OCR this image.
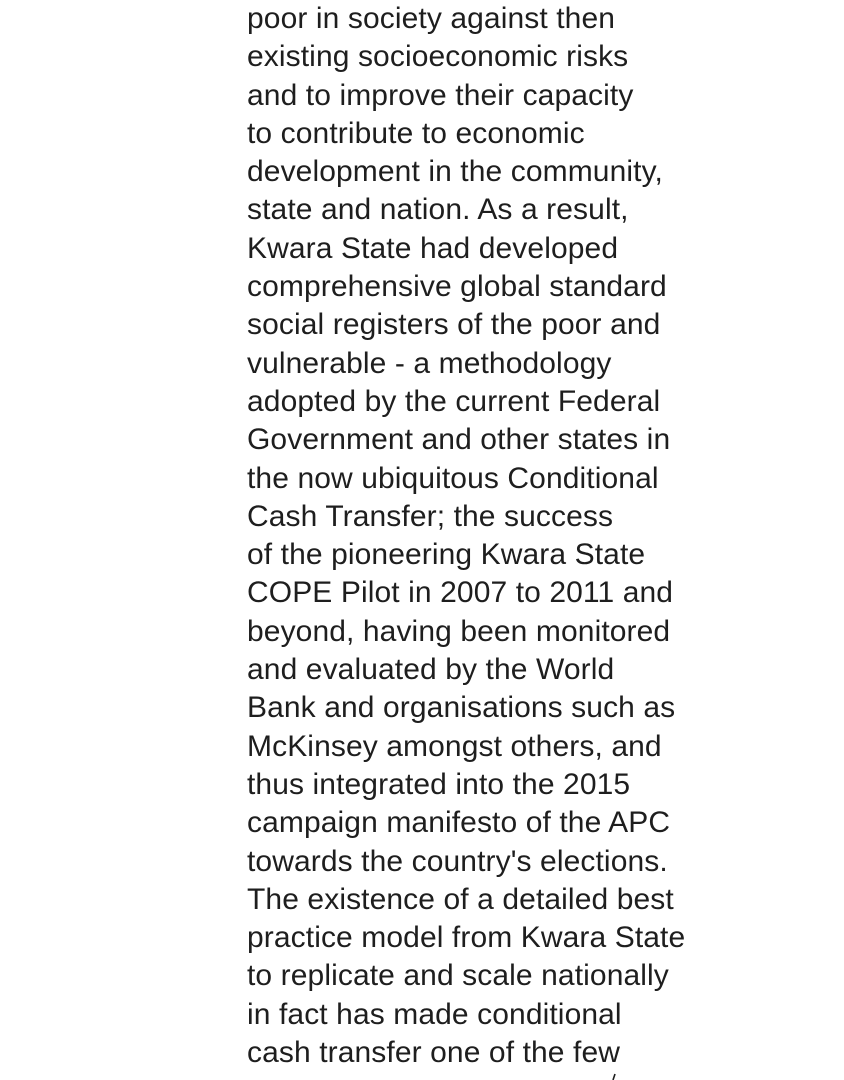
poor in society against then
existing socioeconomic risks
and to improve their capacity
to contribute to economic
development in the community,
state and nation. As a result,
Kwara State had developed
comprehensive global standard
social registers of the poor and
vulnerable - a methodology
adopted by the current Federal
Government and other states in
the now ubiquitous Conditional
Cash Transfer; the success
of the pioneering Kwara State
COPE Pilot in 2007 to 2011 and
beyond, having been monitored
and evaluated by the World
Bank and organisations such as
McKinsey amongst others, and
thus integrated into the 2015
campaign manifesto of the APC
towards the country's elections.
The existence of a detailed best
practice model from Kwara State
to replicate and scale nationally
in fact has made conditional
cash transfer one of the few
